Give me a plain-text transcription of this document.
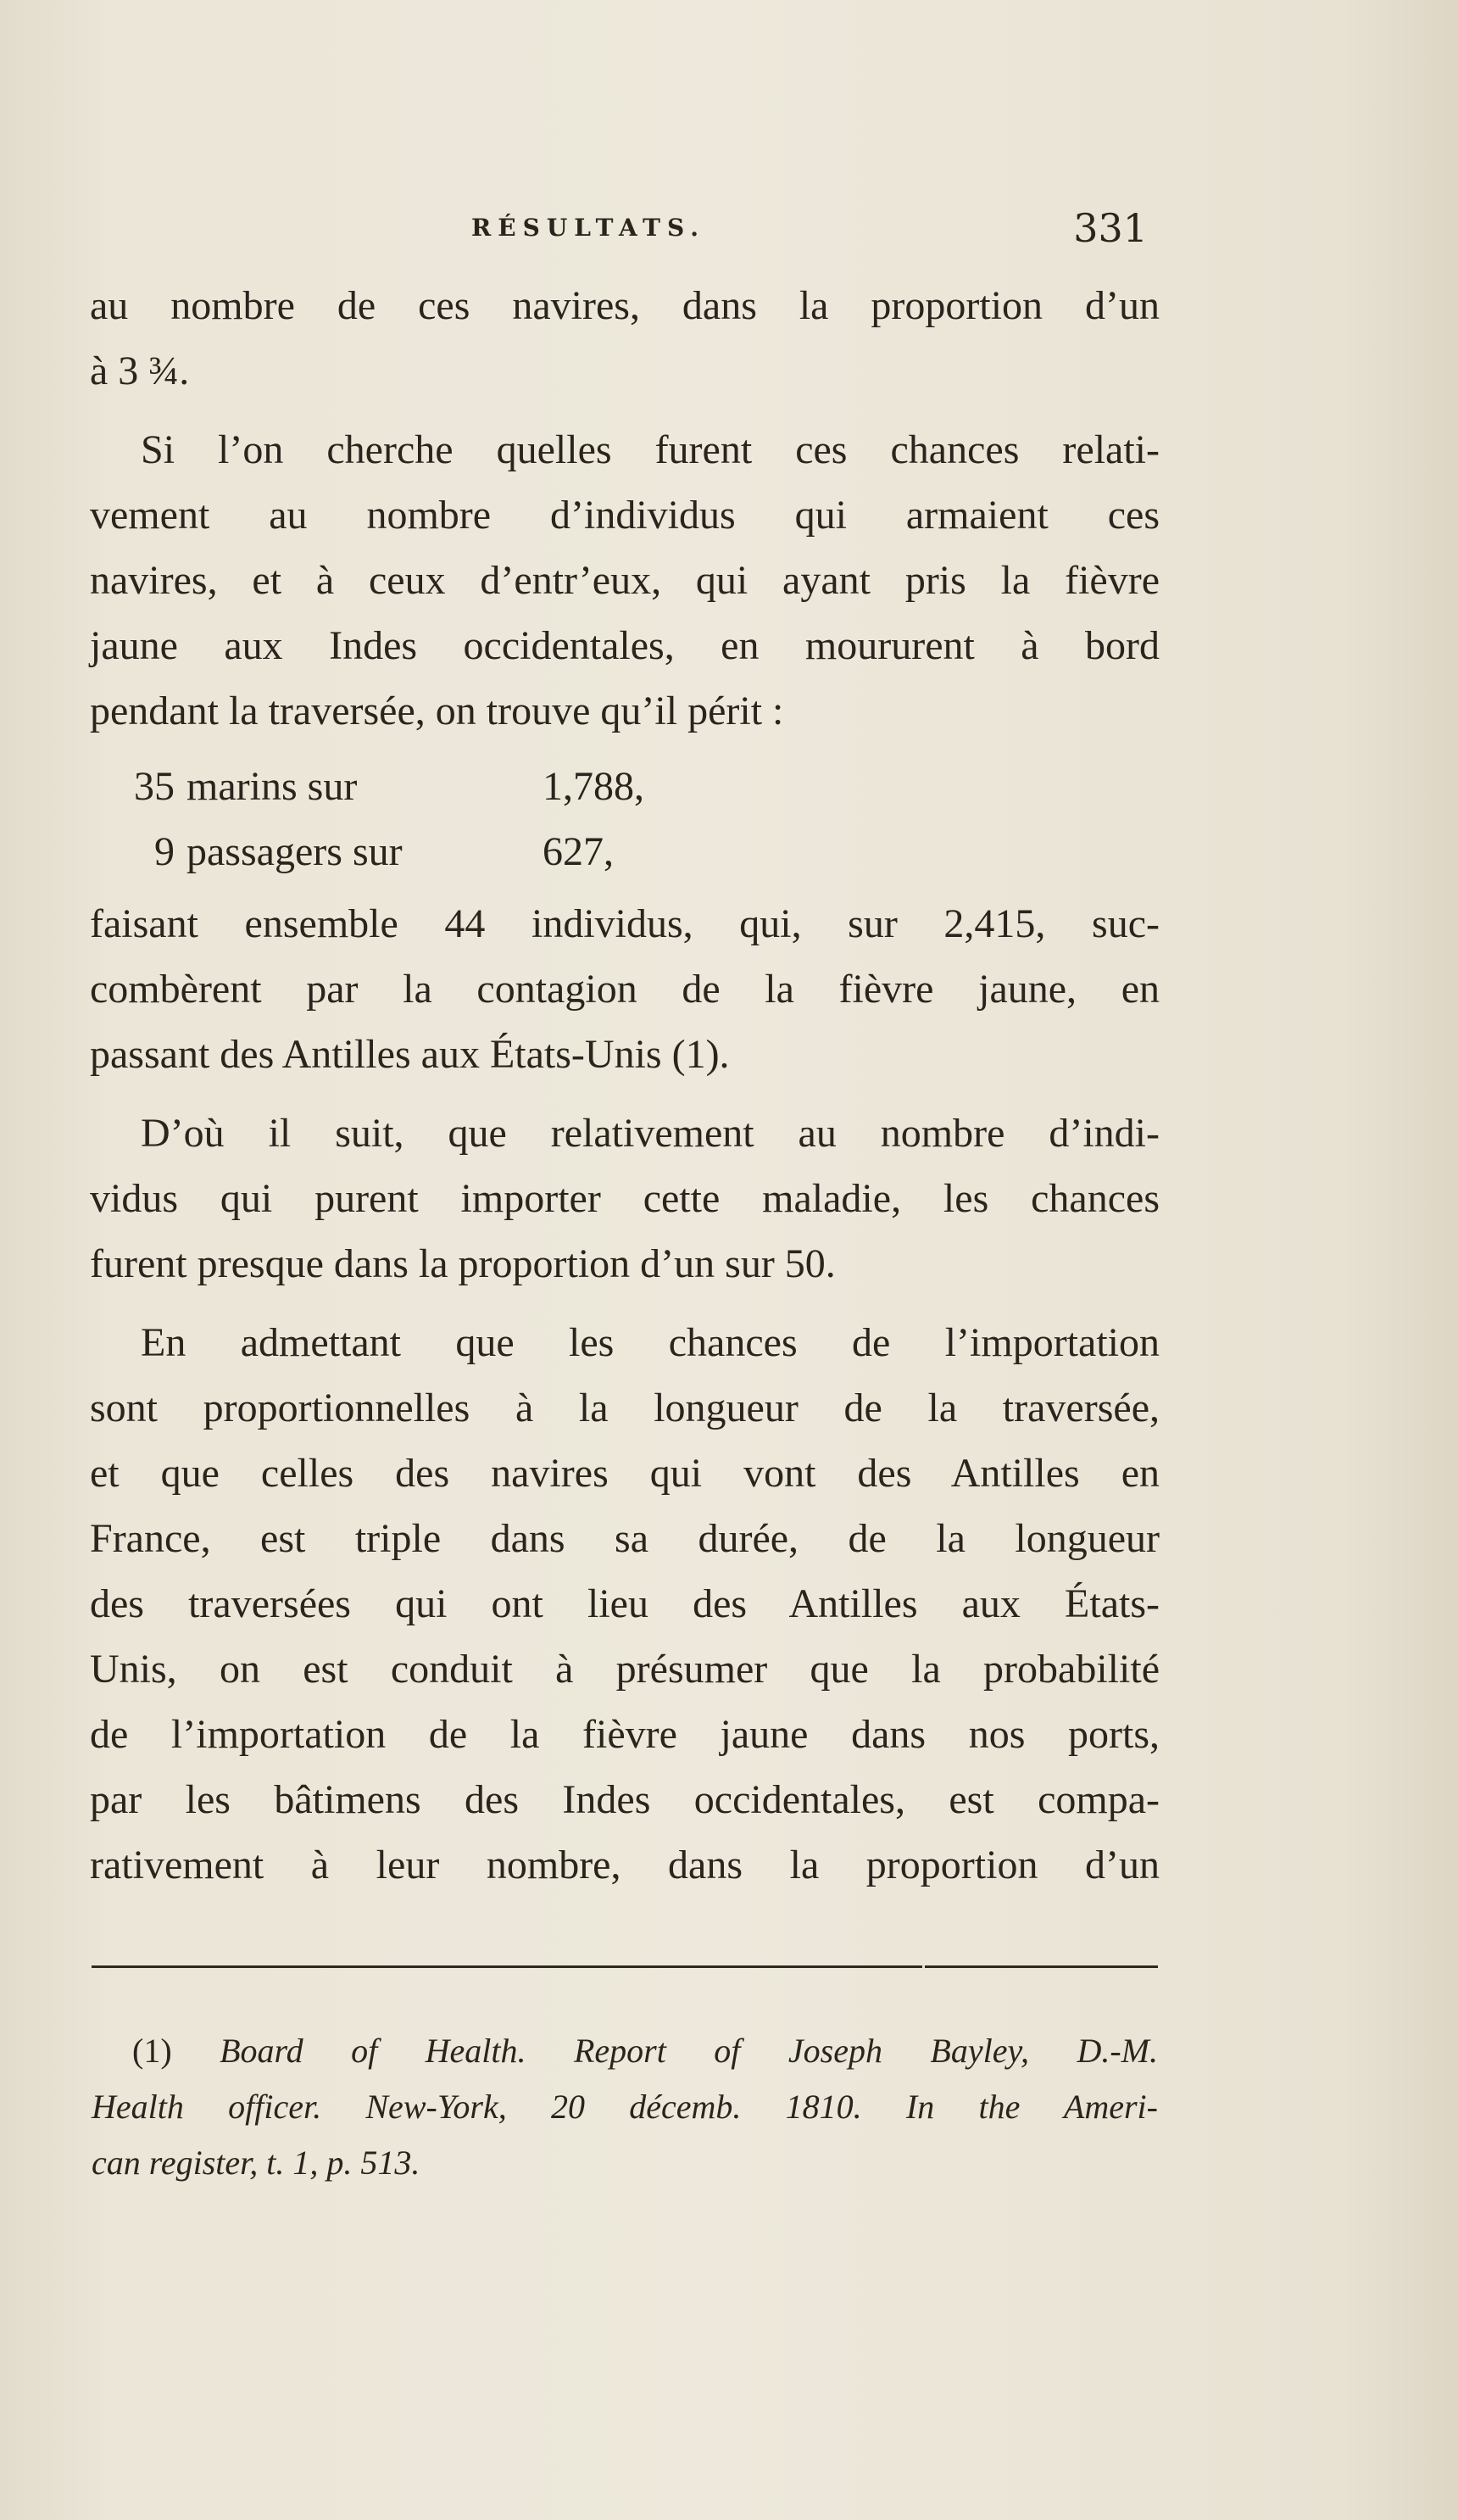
RÉSULTATS.	331

au nombre de ces navires, dans la proportion d’un
à 3 ¾.

Si l’on cherche quelles furent ces chances relati-
vement au nombre d’individus qui armaient ces
navires, et à ceux d’entr’eux, qui ayant pris la fièvre
jaune aux Indes occidentales, en moururent à bord
pendant la traversée, on trouve qu’il périt :

35 marins sur	1,788,
9 passagers sur	627,

faisant ensemble 44 individus, qui, sur 2,415, suc-
combèrent par la contagion de la fièvre jaune, en
passant des Antilles aux États-Unis (1).

D’où il suit, que relativement au nombre d’indi-
vidus qui purent importer cette maladie, les chances
furent presque dans la proportion d’un sur 50.

En admettant que les chances de l’importation
sont proportionnelles à la longueur de la traversée,
et que celles des navires qui vont des Antilles en
France, est triple dans sa durée, de la longueur
des traversées qui ont lieu des Antilles aux États-
Unis, on est conduit à présumer que la probabilité
de l’importation de la fièvre jaune dans nos ports,
par les bâtimens des Indes occidentales, est compa-
rativement à leur nombre, dans la proportion d’un

(1) Board of Health. Report of Joseph Bayley, D.-M.
Health officer. New-York, 20 décemb. 1810. In the Ameri-
can register, t. 1, p. 513.
